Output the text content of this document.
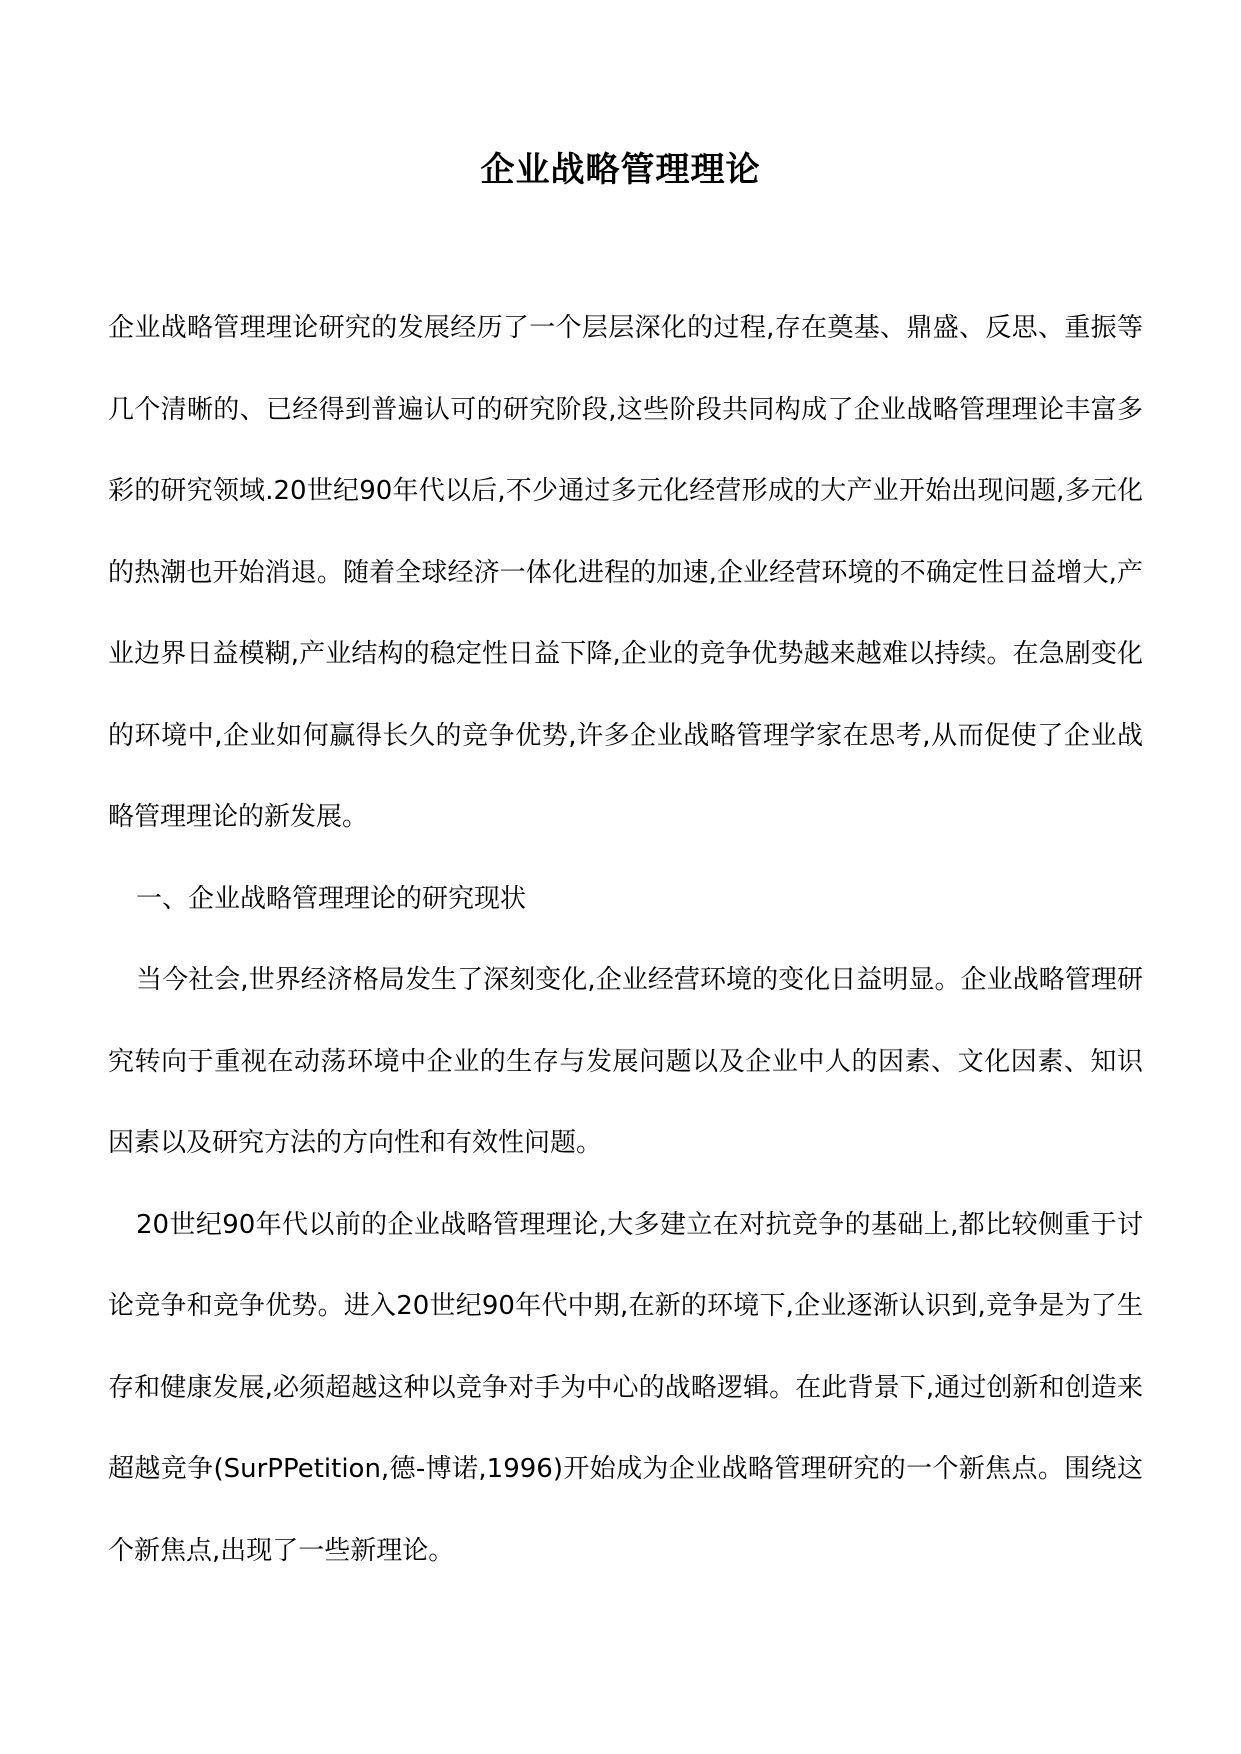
企业战略管理理论

企业战略管理理论研究的发展经历了一个层层深化的过程,存在奠基、鼎盛、反思、重振等几个清晰的、已经得到普遍认可的研究阶段,这些阶段共同构成了企业战略管理理论丰富多彩的研究领域.20世纪90年代以后,不少通过多元化经营形成的大产业开始出现问题,多元化的热潮也开始消退。随着全球经济一体化进程的加速,企业经营环境的不确定性日益增大,产业边界日益模糊,产业结构的稳定性日益下降,企业的竞争优势越来越难以持续。在急剧变化的环境中,企业如何赢得长久的竞争优势,许多企业战略管理学家在思考,从而促使了企业战略管理理论的新发展。

一、企业战略管理理论的研究现状

当今社会,世界经济格局发生了深刻变化,企业经营环境的变化日益明显。企业战略管理研究转向于重视在动荡环境中企业的生存与发展问题以及企业中人的因素、文化因素、知识因素以及研究方法的方向性和有效性问题。

20世纪90年代以前的企业战略管理理论,大多建立在对抗竞争的基础上,都比较侧重于讨论竞争和竞争优势。进入20世纪90年代中期,在新的环境下,企业逐渐认识到,竞争是为了生存和健康发展,必须超越这种以竞争对手为中心的战略逻辑。在此背景下,通过创新和创造来超越竞争(SurPPetition,德-博诺,1996)开始成为企业战略管理研究的一个新焦点。围绕这个新焦点,出现了一些新理论。
